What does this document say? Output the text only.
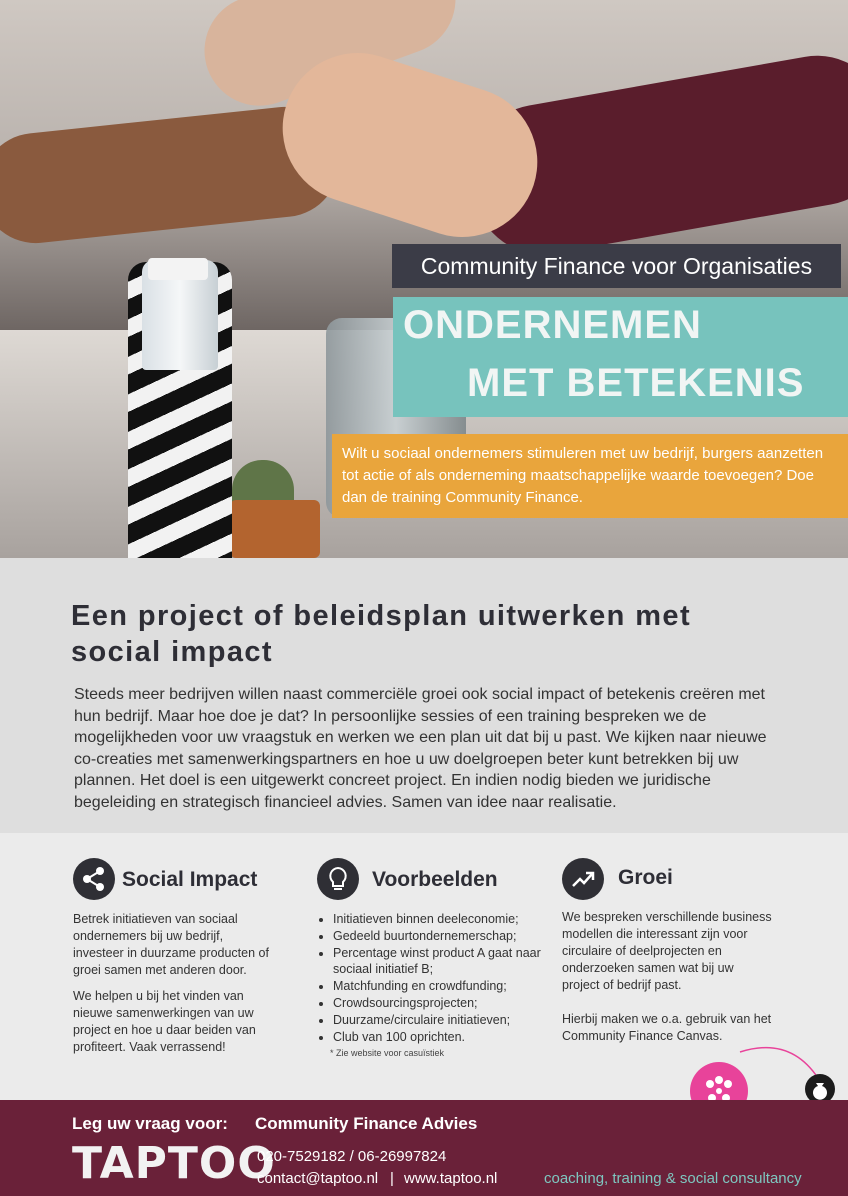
Community Finance voor Organisaties
ONDERNEMEN
MET BETEKENIS
Wilt u sociaal ondernemers stimuleren met uw bedrijf, burgers aanzetten tot actie of als onderneming maatschappelijke waarde toevoegen? Doe dan de training Community Finance.
Een project of beleidsplan uitwerken met social impact
Steeds meer bedrijven willen naast commerciële groei ook social impact of betekenis creëren met hun bedrijf. Maar hoe doe je dat? In persoonlijke sessies of een training bespreken we de mogelijkheden voor uw vraagstuk en werken we een plan uit dat bij u past. We kijken naar nieuwe co-creaties met samenwerkingspartners en hoe u uw doelgroepen beter kunt betrekken bij uw plannen. Het doel is een uitgewerkt concreet project. En indien nodig bieden we juridische begeleiding en strategisch financieel advies. Samen van idee naar realisatie.
Social Impact

Betrek initiatieven van sociaal ondernemers bij uw bedrijf, investeer in duurzame producten of groei samen met anderen door.

We helpen u bij het vinden van nieuwe samenwerkingen van uw project en hoe u daar beiden van profiteert. Vaak verrassend!

Voorbeelden
• Initiatieven binnen deeleconomie;
• Gedeeld buurtondernemerschap;
• Percentage winst product A gaat naar sociaal initiatief B;
• Matchfunding en crowdfunding;
• Crowdsourcingsprojecten;
• Duurzame/circulaire initiatieven;
• Club van 100 oprichten.
* Zie website voor casuïstiek
Groei

We bespreken verschillende business modellen die interessant zijn voor circulaire of deelprojecten en onderzoeken samen wat bij uw project of bedrijf past.

Hierbij maken we o.a. gebruik van het Community Finance Canvas.

Leg uw vraag voor:
TAPTOO
Community Finance Advies
020-7529182 / 06-26997824
contact@taptoo.nl | www.taptoo.nl	coaching, training & social consultancy
